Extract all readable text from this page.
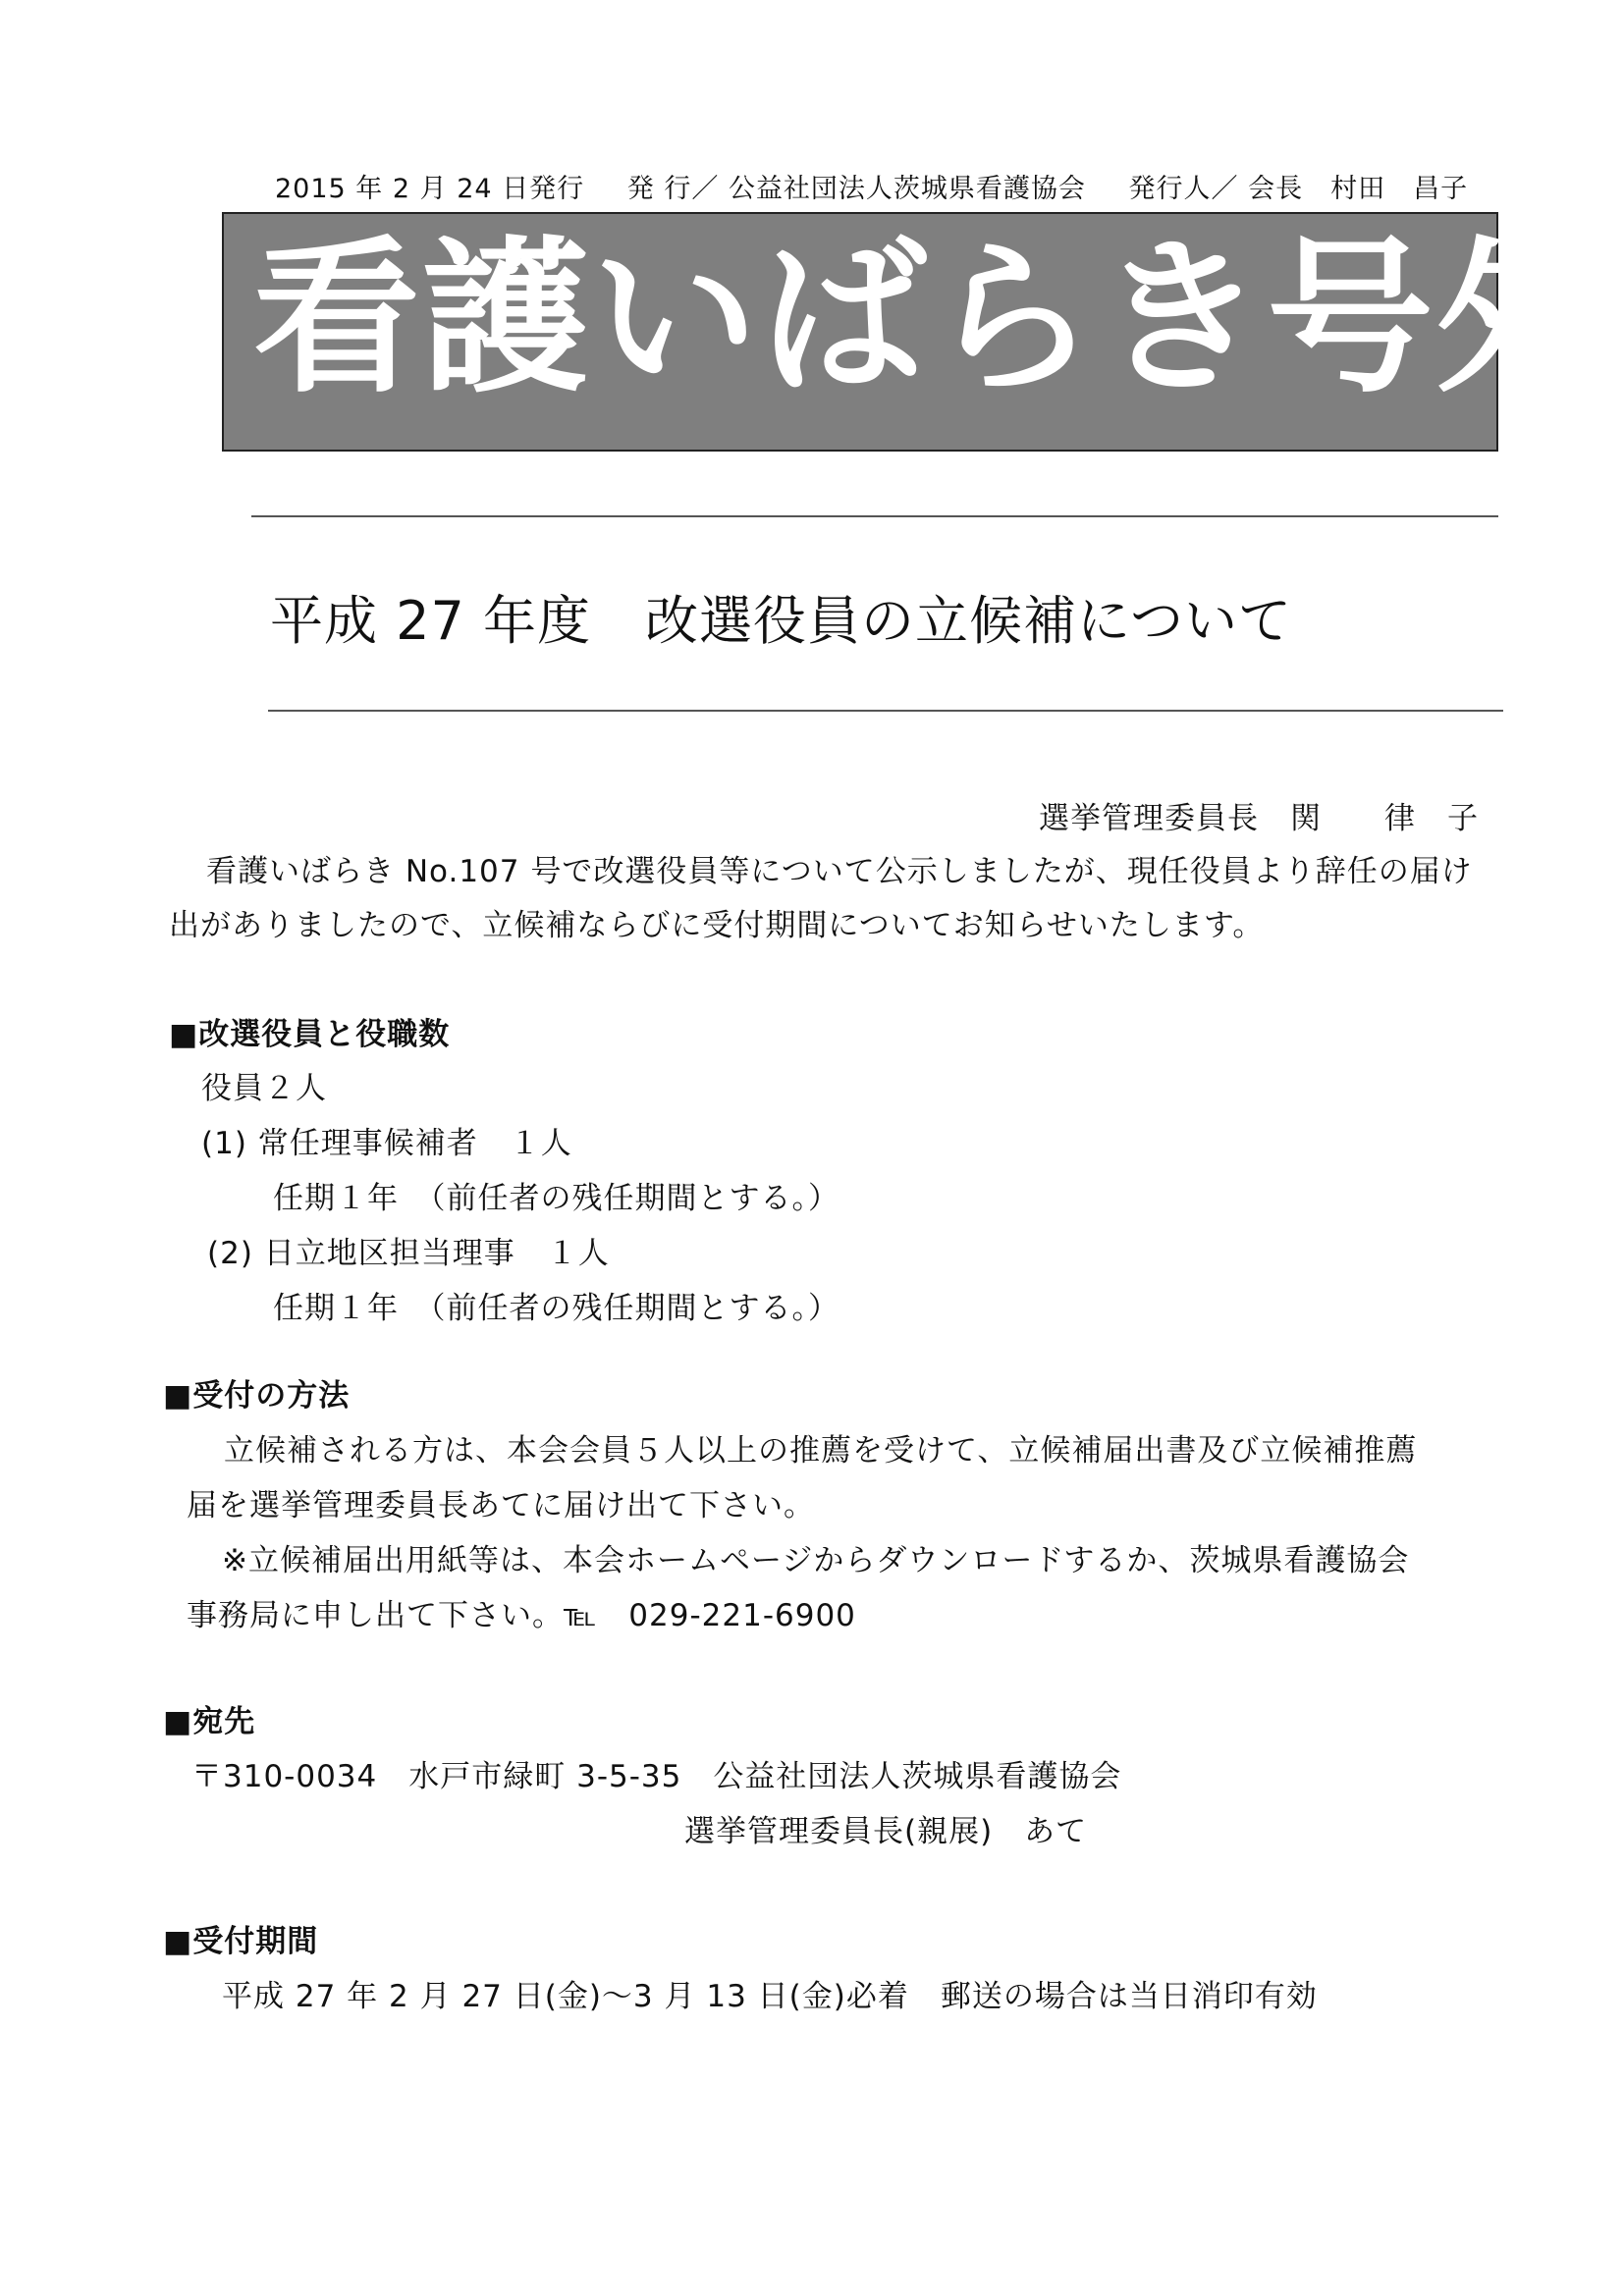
2015 年 2 月 24 日発行 発 行／ 公益社団法人茨城県看護協会 発行人／ 会長　村田　昌子
看護いばらき号外
平成 27 年度　改選役員の立候補について
選挙管理委員長　関　　律　子
看護いばらき No.107 号で改選役員等について公示しましたが、現任役員より辞任の届け
出がありましたので、立候補ならびに受付期間についてお知らせいたします。
■改選役員と役職数
役員２人
(1) 常任理事候補者　１人
任期１年　（前任者の残任期間とする。）
(2) 日立地区担当理事　１人
任期１年　（前任者の残任期間とする。）
■受付の方法
立候補される方は、本会会員５人以上の推薦を受けて、立候補届出書及び立候補推薦
届を選挙管理委員長あてに届け出て下さい。
※立候補届出用紙等は、本会ホームページからダウンロードするか、茨城県看護協会
事務局に申し出て下さい。℡　029-221-6900
■宛先
〒310-0034　水戸市緑町 3-5-35　公益社団法人茨城県看護協会
選挙管理委員長(親展)　あて
■受付期間
平成 27 年 2 月 27 日(金)～3 月 13 日(金)必着　郵送の場合は当日消印有効
